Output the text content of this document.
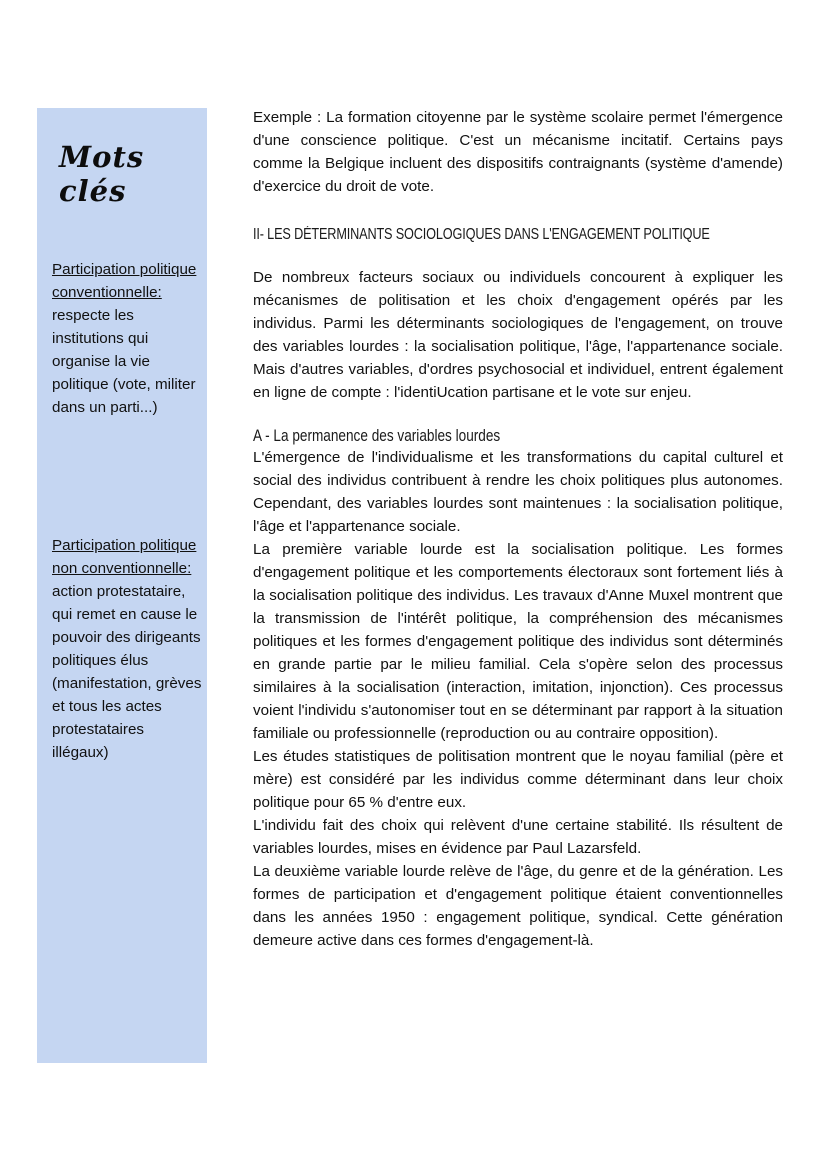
Mots clés
Participation politique conventionnelle: respecte les institutions qui organise la vie politique (vote, militer dans un parti...)
Participation politique non conventionnelle: action protestataire, qui remet en cause le pouvoir des dirigeants politiques élus (manifestation, grèves et tous les actes protestataires illégaux)

Exemple : La formation citoyenne par le système scolaire permet l'émergence d'une conscience politique. C'est un mécanisme incitatif. Certains pays comme la Belgique incluent des dispositifs contraignants (système d'amende) d'exercice du droit de vote.

II- LES DÉTERMINANTS SOCIOLOGIQUES DANS L'ENGAGEMENT POLITIQUE

De nombreux facteurs sociaux ou individuels concourent à expliquer les mécanismes de politisation et les choix d'engagement opérés par les individus. Parmi les déterminants sociologiques de l'engagement, on trouve des variables lourdes : la socialisation politique, l'âge, l'appartenance sociale. Mais d'autres variables, d'ordres psychosocial et individuel, entrent également en ligne de compte : l'identiUcation partisane et le vote sur enjeu.

A - La permanence des variables lourdes

L'émergence de l'individualisme et les transformations du capital culturel et social des individus contribuent à rendre les choix politiques plus autonomes. Cependant, des variables lourdes sont maintenues : la socialisation politique, l'âge et l'appartenance sociale.

La première variable lourde est la socialisation politique. Les formes d'engagement politique et les comportements électoraux sont fortement liés à la socialisation politique des individus. Les travaux d'Anne Muxel montrent que la transmission de l'intérêt politique, la compréhension des mécanismes politiques et les formes d'engagement politique des individus sont déterminés en grande partie par le milieu familial. Cela s'opère selon des processus similaires à la socialisation (interaction, imitation, injonction). Ces processus voient l'individu s'autonomiser tout en se déterminant par rapport à la situation familiale ou professionnelle (reproduction ou au contraire opposition).

Les études statistiques de politisation montrent que le noyau familial (père et mère) est considéré par les individus comme déterminant dans leur choix politique pour 65 % d'entre eux.

L'individu fait des choix qui relèvent d'une certaine stabilité. Ils résultent de variables lourdes, mises en évidence par Paul Lazarsfeld.

La deuxième variable lourde relève de l'âge, du genre et de la génération. Les formes de participation et d'engagement politique étaient conventionnelles dans les années 1950 : engagement politique, syndical. Cette génération demeure active dans ces formes d'engagement-là.
